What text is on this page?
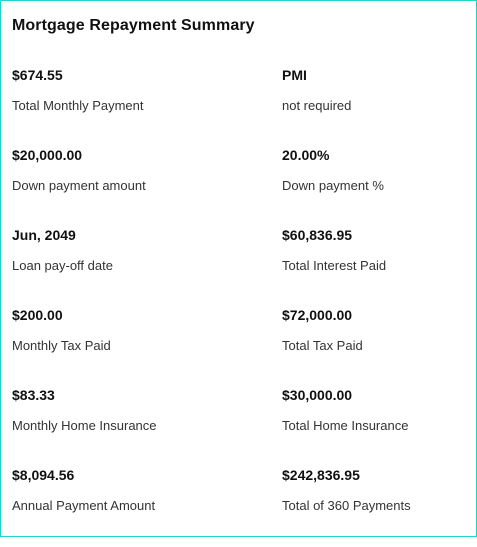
Mortgage Repayment Summary
$674.55
Total Monthly Payment
PMI
not required
$20,000.00
Down payment amount
20.00%
Down payment %
Jun, 2049
Loan pay-off date
$60,836.95
Total Interest Paid
$200.00
Monthly Tax Paid
$72,000.00
Total Tax Paid
$83.33
Monthly Home Insurance
$30,000.00
Total Home Insurance
$8,094.56
Annual Payment Amount
$242,836.95
Total of 360 Payments
